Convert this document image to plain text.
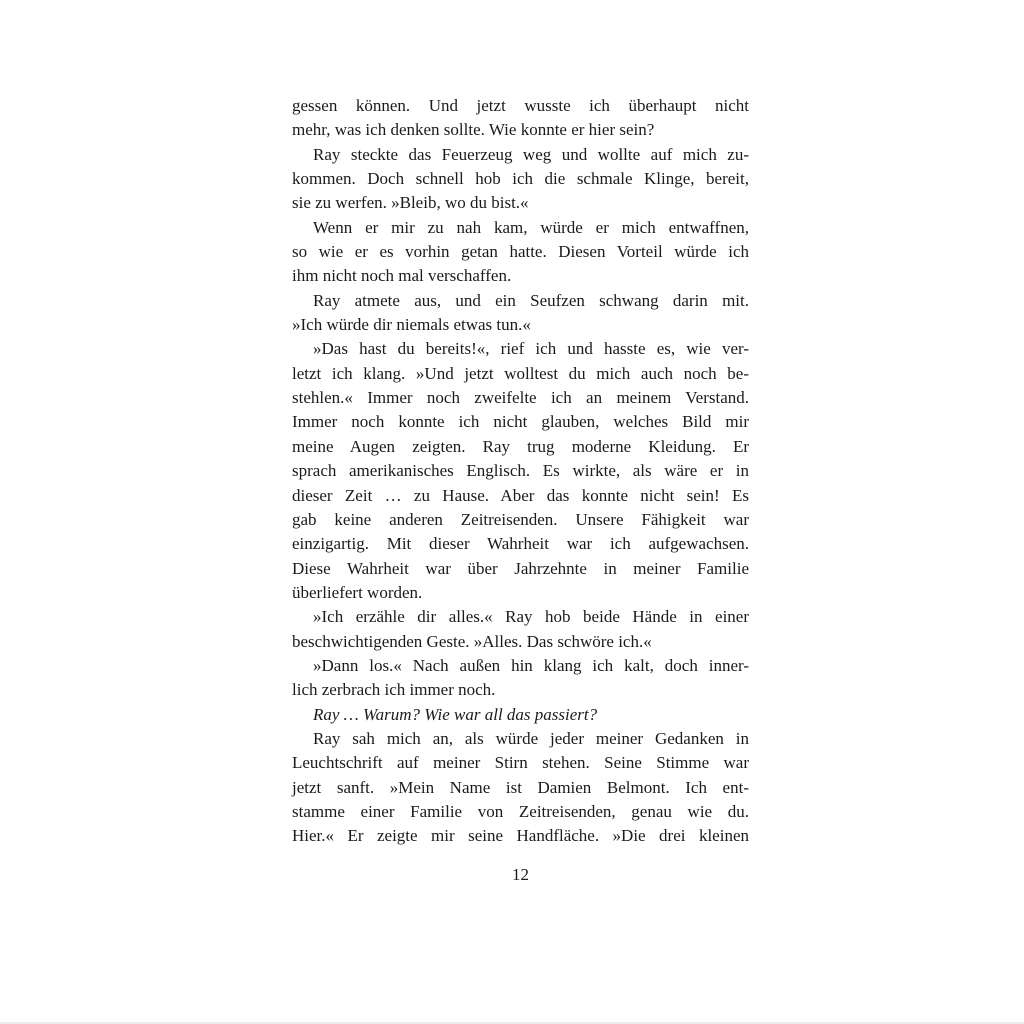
gessen können. Und jetzt wusste ich überhaupt nicht
mehr, was ich denken sollte. Wie konnte er hier sein?
Ray steckte das Feuerzeug weg und wollte auf mich zu-
kommen. Doch schnell hob ich die schmale Klinge, bereit,
sie zu werfen. »Bleib, wo du bist.«
Wenn er mir zu nah kam, würde er mich entwaffnen,
so wie er es vorhin getan hatte. Diesen Vorteil würde ich
ihm nicht noch mal verschaffen.
Ray atmete aus, und ein Seufzen schwang darin mit.
»Ich würde dir niemals etwas tun.«
»Das hast du bereits!«, rief ich und hasste es, wie ver-
letzt ich klang. »Und jetzt wolltest du mich auch noch be-
stehlen.« Immer noch zweifelte ich an meinem Verstand.
Immer noch konnte ich nicht glauben, welches Bild mir
meine Augen zeigten. Ray trug moderne Kleidung. Er
sprach amerikanisches Englisch. Es wirkte, als wäre er in
dieser Zeit … zu Hause. Aber das konnte nicht sein! Es
gab keine anderen Zeitreisenden. Unsere Fähigkeit war
einzigartig. Mit dieser Wahrheit war ich aufgewachsen.
Diese Wahrheit war über Jahrzehnte in meiner Familie
überliefert worden.
»Ich erzähle dir alles.« Ray hob beide Hände in einer
beschwichtigenden Geste. »Alles. Das schwöre ich.«
»Dann los.« Nach außen hin klang ich kalt, doch inner-
lich zerbrach ich immer noch.
Ray … Warum? Wie war all das passiert?
Ray sah mich an, als würde jeder meiner Gedanken in
Leuchtschrift auf meiner Stirn stehen. Seine Stimme war
jetzt sanft. »Mein Name ist Damien Belmont. Ich ent-
stamme einer Familie von Zeitreisenden, genau wie du.
Hier.« Er zeigte mir seine Handfläche. »Die drei kleinen
12
